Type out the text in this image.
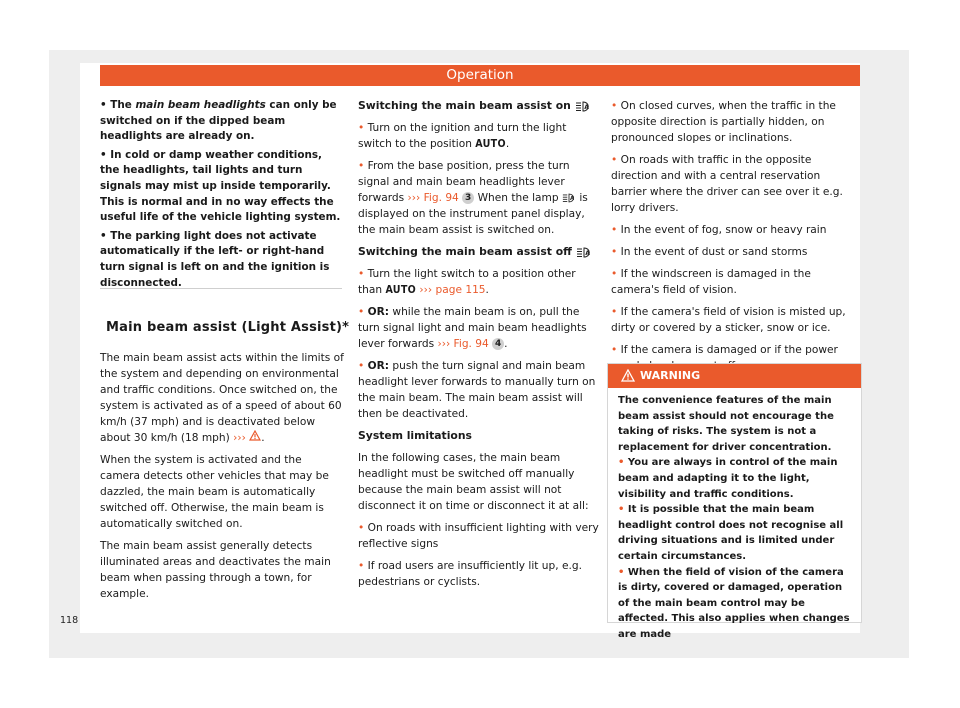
Operation

• The main beam headlights can only be switched on if the dipped beam headlights are already on.

• In cold or damp weather conditions, the headlights, tail lights and turn signals may mist up inside temporarily. This is normal and in no way effects the useful life of the vehicle lighting system.

• The parking light does not activate automatically if the left- or right-hand turn signal is left on and the ignition is disconnected.

Main beam assist (Light Assist)*

The main beam assist acts within the limits of the system and depending on environmental and traffic conditions. Once switched on, the system is activated as of a speed of about 60 km/h (37 mph) and is deactivated below about 30 km/h (18 mph) ››› .

When the system is activated and the camera detects other vehicles that may be dazzled, the main beam is automatically switched off. Otherwise, the main beam is automatically switched on.

The main beam assist generally detects illuminated areas and deactivates the main beam when passing through a town, for example.

Switching the main beam assist on A

• Turn on the ignition and turn the light switch to the position AUTO.

• From the base position, press the turn signal and main beam headlights lever forwards ››› Fig. 94 3 When the lamp A is displayed on the instrument panel display, the main beam assist is switched on.

Switching the main beam assist off A

• Turn the light switch to a position other than AUTO ››› page 115.

• OR: while the main beam is on, pull the turn signal light and main beam headlights lever forwards ››› Fig. 94 4 .

• OR: push the turn signal and main beam headlight lever forwards to manually turn on the main beam. The main beam assist will then be deactivated.

System limitations

In the following cases, the main beam headlight must be switched off manually because the main beam assist will not disconnect it on time or disconnect it at all:

• On roads with insufficient lighting with very reflective signs

• If road users are insufficiently lit up, e.g. pedestrians or cyclists.

• On closed curves, when the traffic in the opposite direction is partially hidden, on pronounced slopes or inclinations.

• On roads with traffic in the opposite direction and with a central reservation barrier where the driver can see over it e.g. lorry drivers.

• In the event of fog, snow or heavy rain

• In the event of dust or sand storms

• If the windscreen is damaged in the camera's field of vision.

• If the camera's field of vision is misted up, dirty or covered by a sticker, snow or ice.

• If the camera is damaged or if the power

WARNING

The convenience features of the main beam assist should not encourage the taking of risks. The system is not a replacement for driver concentration.

• You are always in control of the main beam and adapting it to the light, visibility and traffic conditions.

• It is possible that the main beam headlight control does not recognise all driving situations and is limited under certain circumstances.

• When the field of vision of the camera is dirty, covered or damaged, operation of the main beam control may be affected. This also applies when changes are made

118
